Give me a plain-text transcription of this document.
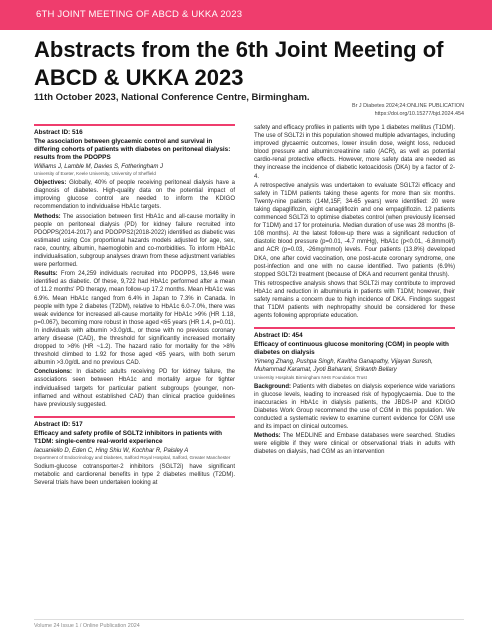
6TH JOINT MEETING OF ABCD & UKKA 2023
Abstracts from the 6th Joint Meeting of ABCD & UKKA 2023
11th October 2023, National Conference Centre, Birmingham.
Br J Diabetes 2024;24:ONLINE PUBLICATION
https://doi.org/10.15277/bjd.2024.454
Abstract ID: 516
The association between glycaemic control and survival in differing cohorts of patients with diabetes on peritoneal dialysis: results from the PDOPPS
Williams J, Lamble M, Davies S, Fotheringham J
University of Exeter, Keele University, University of Sheffield

Objectives: Globally, 40% of people receiving peritoneal dialysis have a diagnosis of diabetes. High-quality data on the potential impact of improving glucose control are needed to inform the KDIGO recommendation to individualise HbA1c targets.

Methods: The association between first HbA1c and all-cause mortality in people on peritoneal dialysis (PD) for kidney failure recruited into PDOPPS(2014-2017) and PDOPPS2(2018-2022) identified as diabetic was estimated using Cox proportional hazards models adjusted for age, sex, race, country, albumin, haemoglobin and co-morbidities. To inform HbA1c individualisation, subgroup analyses drawn from these adjustment variables were performed.

Results: From 24,259 individuals recruited into PDOPPS, 13,646 were identified as diabetic. Of these, 9,722 had HbA1c performed after a mean of 11.2 months' PD therapy, mean follow-up 17.2 months. Mean HbA1c was 6.9%. Mean HbA1c ranged from 6.4% in Japan to 7.3% in Canada. In people with type 2 diabetes (T2DM), relative to HbA1c 6.0-7.0%, there was weak evidence for increased all-cause mortality for HbA1c >9% (HR 1.18, p=0.067), becoming more robust in those aged <65 years (HR 1.4, p=0.01). In individuals with albumin >3.0g/dL, or those with no previous coronary artery disease (CAD), the threshold for significantly increased mortality dropped to >8% (HR ~1.2). The hazard ratio for mortality for the >8% threshold climbed to 1.92 for those aged <65 years, with both serum albumin >3.0g/dL and no previous CAD.

Conclusions: In diabetic adults receiving PD for kidney failure, the associations seen between HbA1c and mortality argue for tighter individualised targets for particular patient subgroups (younger, non-inflamed and without established CAD) than clinical practice guidelines have previously suggested.

Abstract ID: 517
Efficacy and safety profile of SGLT2 inhibitors in patients with T1DM: single-centre real-world experience
Iacuaniello D, Eden C, Hing Shiu W, Kochhar R, Paisley A
Department of Endocrinology and Diabetes, Salford Royal Hospital, Salford, Greater Manchester

Sodium-glucose cotransporter-2 inhibitors (SGLT2i) have significant metabolic and cardiorenal benefits in type 2 diabetes mellitus (T2DM). Several trials have been undertaken looking at

safety and efficacy profiles in patients with type 1 diabetes mellitus (T1DM). The use of SGLT2i in this population showed multiple advantages, including improved glycaemic outcomes, lower insulin dose, weight loss, reduced blood pressure and albumin:creatinine ratio (ACR), as well as potential cardio-renal protective effects. However, more safety data are needed as they increase the incidence of diabetic ketoacidosis (DKA) by a factor of 2-4.

A retrospective analysis was undertaken to evaluate SGLT2i efficacy and safety in T1DM patients taking these agents for more than six months. Twenty-nine patients (14M,15F, 34-65 years) were identified: 20 were taking dapagliflozin, eight canagliflozin and one empagliflozin. 12 patients commenced SGLT2i to optimise diabetes control (when previously licensed for T1DM) and 17 for proteinuria. Median duration of use was 28 months (8-108 months). At the latest follow-up there was a significant reduction of diastolic blood pressure (p=0.01, -4.7 mmHg), HbA1c (p<0.01, -6.8mmol/l) and ACR (p=0.03, -26mg/mmol) levels. Four patients (13.8%) developed DKA, one after covid vaccination, one post-acute coronary syndrome, one post-infection and one with no cause identified. Two patients (6.9%) stopped SGLT2i treatment (because of DKA and recurrent genital thrush).

This retrospective analysis shows that SGLT2i may contribute to improved HbA1c and reduction in albuminuria in patients with T1DM; however, their safety remains a concern due to high incidence of DKA. Findings suggest that T1DM patients with nephropathy should be considered for these agents following appropriate education.

Abstract ID: 454
Efficacy of continuous glucose monitoring (CGM) in people with diabetes on dialysis
Yimeng Zhang, Pushpa Singh, Kavitha Ganapathy, Vijayan Suresh, Muhammad Karamat, Jyoti Baharani, Srikanth Bellary
University Hospitals Birmingham NHS Foundation Trust

Background: Patients with diabetes on dialysis experience wide variations in glucose levels, leading to increased risk of hypoglycaemia. Due to the inaccuracies in HbA1c in dialysis patients, the JBDS-IP and KDIGO Diabetes Work Group recommend the use of CGM in this population. We conducted a systematic review to examine current evidence for CGM use and its impact on clinical outcomes.

Methods: The MEDLINE and Embase databases were searched. Studies were eligible if they were clinical or observational trials in adults with diabetes on dialysis, had CGM as an intervention

Volume 24 Issue 1 / Online Publication 2024
